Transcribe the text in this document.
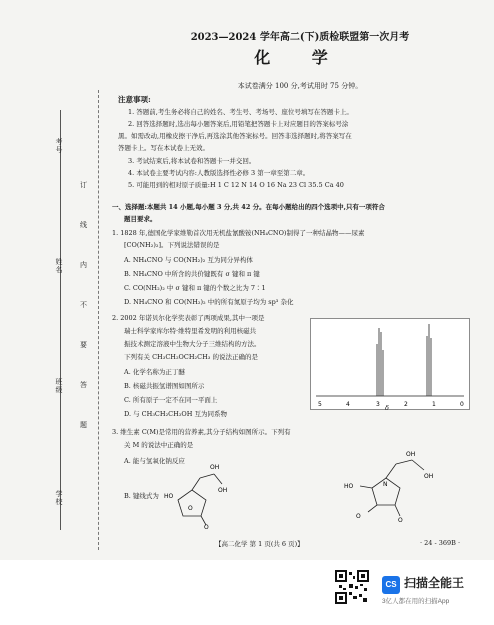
考号
姓名
班级
学校
订
线
内
不
要
答
题
2023—2024 学年高二(下)质检联盟第一次月考
化 学
本试卷满分 100 分,考试用时 75 分钟。
注意事项:
1. 答题前,考生务必将自己的姓名、考生号、考场号、座位号填写在答题卡上。
2. 回答选择题时,选出每小题答案后,用铅笔把答题卡上对应题目的答案标号涂
黑。如需改动,用橡皮擦干净后,再选涂其他答案标号。回答非选择题时,将答案写在
答题卡上。写在本试卷上无效。
3. 考试结束后,将本试卷和答题卡一并交回。
4. 本试卷主要考试内容:人教版选择性必修 3 第一章至第二章。
5. 可能用到的相对原子质量:H 1 C 12 N 14 O 16 Na 23 Cl 35.5 Ca 40
一、选择题:本题共 14 小题,每小题 3 分,共 42 分。在每小题给出的四个选项中,只有一项符合
题目要求。
1. 1828 年,德国化学家维勒首次用无机盐氰酸铵(NH₄CNO)制得了一种结晶物——尿素
[CO(NH₂)₂]。下列说法错误的是
A. NH₄CNO 与 CO(NH₂)₂ 互为同分异构体
B. NH₄CNO 中所含的共价键既有 σ 键和 π 键
C. CO(NH₂)₂ 中 σ 键和 π 键的个数之比为 7∶1
D. NH₄CNO 和 CO(NH₂)₂ 中的所有氮原子均为 sp³ 杂化
2. 2002 年诺贝尔化学奖表彰了两项成果,其中一项是
瑞士科学家库尔特·维特里希发明的利用核磁共
振技术测定溶液中生物大分子三维结构的方法。
下列有关 CH₃CH₂OCH₂CH₃ 的说法正确的是
A. 化学名称为正丁醚
B. 核磁共振氢谱图如图所示
C. 所有原子一定不在同一平面上
D. 与 CH₃CH₂CH₂OH 互为同系物
5	4	3	2	1	0
δ
3. 维生素 C(M)是常用的营养素,其分子结构如图所示。下列有
关 M 的说法中正确的是
A. 能与氢氧化钠反应
B. 键线式为
OH
OH
HO	N
O
O
OH
HO
OH
O
O
【高二化学 第 1 页(共 6 页)】	· 24 - 369B ·
CS 扫描全能王
3亿人都在用的扫描App
